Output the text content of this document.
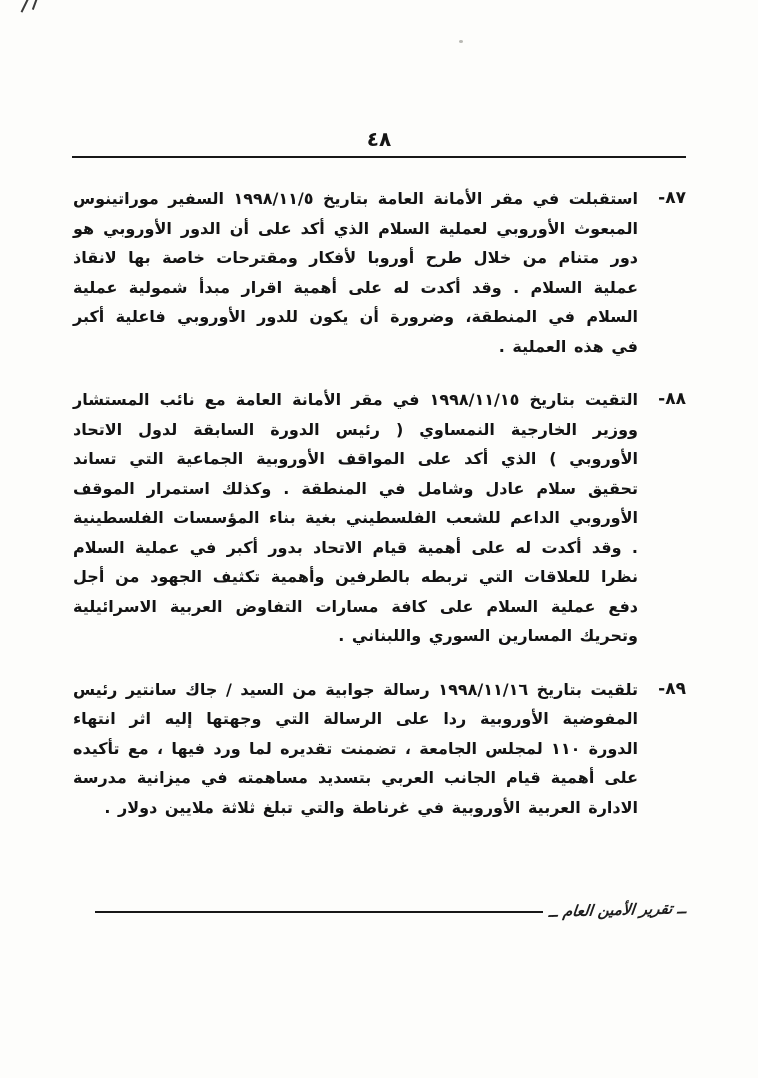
٤٨
٨٧-
استقبلت في مقر الأمانة العامة بتاريخ ١٩٩٨/١١/٥ السفير موراتينوس المبعوث الأوروبي لعملية السلام الذي أكد على أن الدور الأوروبي هو دور متنام من خلال طرح أوروبا لأفكار ومقترحات خاصة بها لانقاذ عملية السلام . وقد أكدت له على أهمية اقرار مبدأ شمولية عملية السلام في المنطقة، وضرورة أن يكون للدور الأوروبي فاعلية أكبر في هذه العملية .
٨٨-
التقيت بتاريخ ١٩٩٨/١١/١٥ في مقر الأمانة العامة مع نائب المستشار ووزير الخارجية النمساوي ( رئيس الدورة السابقة لدول الاتحاد الأوروبي ) الذي أكد على المواقف الأوروبية الجماعية التي تساند تحقيق سلام عادل وشامل في المنطقة . وكذلك استمرار الموقف الأوروبي الداعم للشعب الفلسطيني بغية بناء المؤسسات الفلسطينية . وقد أكدت له على أهمية قيام الاتحاد بدور أكبر في عملية السلام نظرا للعلاقات التي تربطه بالطرفين وأهمية تكثيف الجهود من أجل دفع عملية السلام على كافة مسارات التفاوض العربية الاسرائيلية وتحريك المسارين السوري واللبناني .
٨٩-
تلقيت بتاريخ ١٩٩٨/١١/١٦ رسالة جوابية من السيد / جاك سانتير رئيس المفوضية الأوروبية ردا على الرسالة التي وجهتها إليه اثر انتهاء الدورة ١١٠ لمجلس الجامعة ، تضمنت تقديره لما ورد فيها ، مع تأكيده على أهمية قيام الجانب العربي بتسديد مساهمته في ميزانية مدرسة الادارة العربية الأوروبية في غرناطة والتي تبلغ ثلاثة ملايين دولار .
ــ تقرير الأمين العام ــ
